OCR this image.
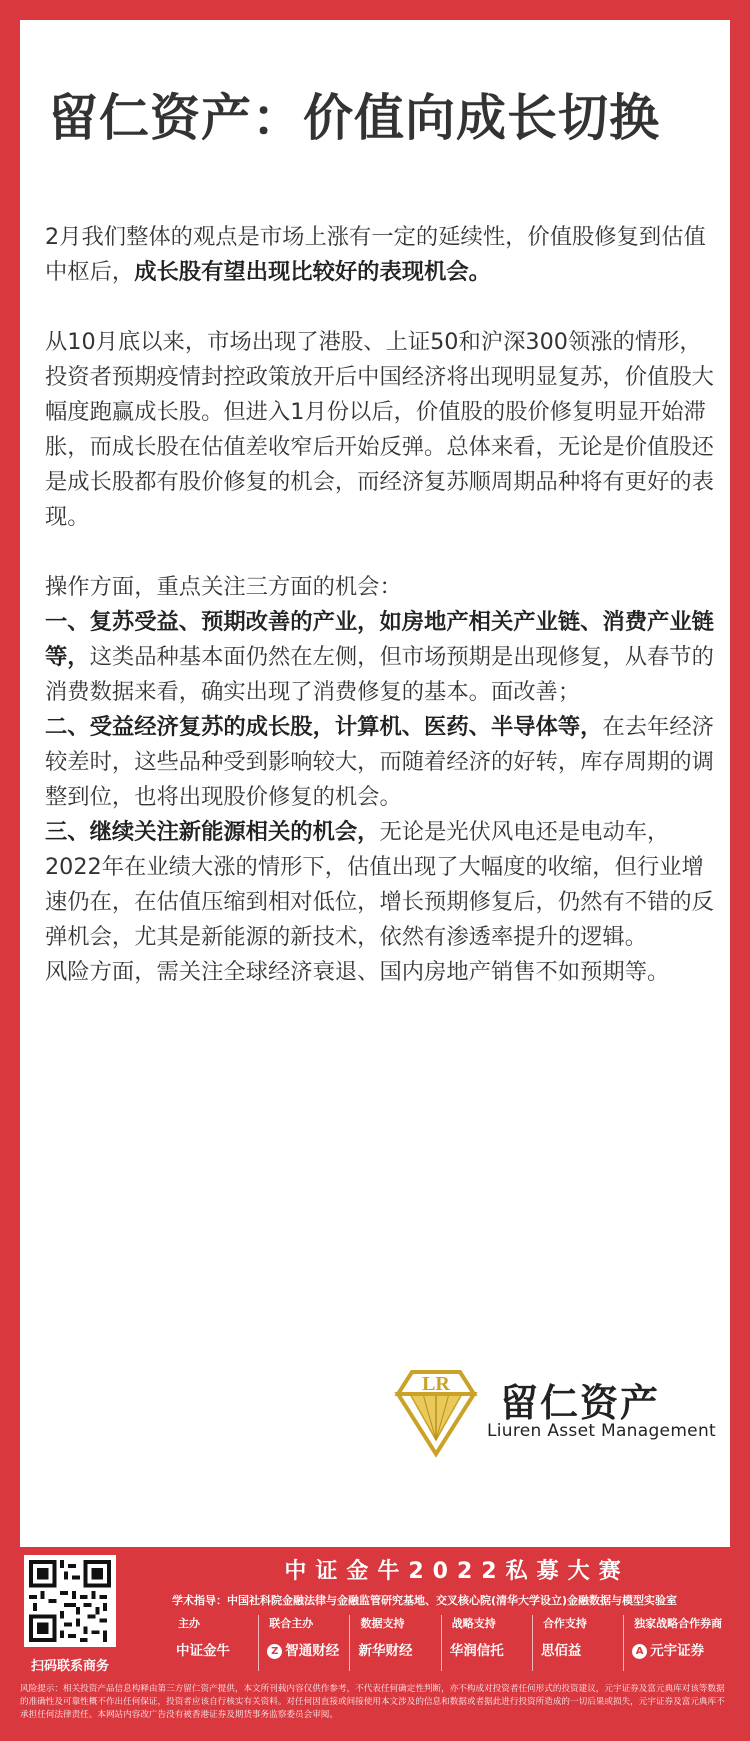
留仁资产：价值向成长切换

2月我们整体的观点是市场上涨有一定的延续性，价值股修复到估值中枢后，成长股有望出现比较好的表现机会。

从10月底以来，市场出现了港股、上证50和沪深300领涨的情形，投资者预期疫情封控政策放开后中国经济将出现明显复苏，价值股大幅度跑赢成长股。但进入1月份以后，价值股的股价修复明显开始滞胀，而成长股在估值差收窄后开始反弹。总体来看，无论是价值股还是成长股都有股价修复的机会，而经济复苏顺周期品种将有更好的表现。

操作方面，重点关注三方面的机会：

一、复苏受益、预期改善的产业，如房地产相关产业链、消费产业链等，这类品种基本面仍然在左侧，但市场预期是出现修复，从春节的消费数据来看，确实出现了消费修复的基本。面改善；

二、受益经济复苏的成长股，计算机、医药、半导体等，在去年经济较差时，这些品种受到影响较大，而随着经济的好转，库存周期的调整到位，也将出现股价修复的机会。

三、继续关注新能源相关的机会，无论是光伏风电还是电动车，2022年在业绩大涨的情形下，估值出现了大幅度的收缩，但行业增速仍在，在估值压缩到相对低位，增长预期修复后，仍然有不错的反弹机会，尤其是新能源的新技术，依然有渗透率提升的逻辑。

风险方面，需关注全球经济衰退、国内房地产销售不如预期等。

LR 留仁资产
Liuren Asset Management
扫码联系商务
中证金牛2022私募大赛
学术指导：中国社科院金融法律与金融监管研究基地、交叉核心院(清华大学设立)金融数据与模型实验室
主办
中证金牛
联合主办
Z 智通财经
数据支持
新华财经
战略支持
华润信托
合作支持
思佰益
独家战略合作券商
A 元宇证券
风险提示：相关投资产品信息构释由第三方留仁资产提供，本文所刊载内容仅供作参考，不代表任何确定性判断，亦不构成对投资者任何形式的投资建议，元宇证券及富元典库对该等数据的准确性及可靠性概不作出任何保证，投资者应该自行核实有关资料。对任何因直接或间接使用本文涉及的信息和数据或者据此进行投资所造成的一切后果或损失，元宇证券及富元典库不承担任何法律责任。本网站内容改广告没有被香港证券及期货事务监察委员会审阅。
